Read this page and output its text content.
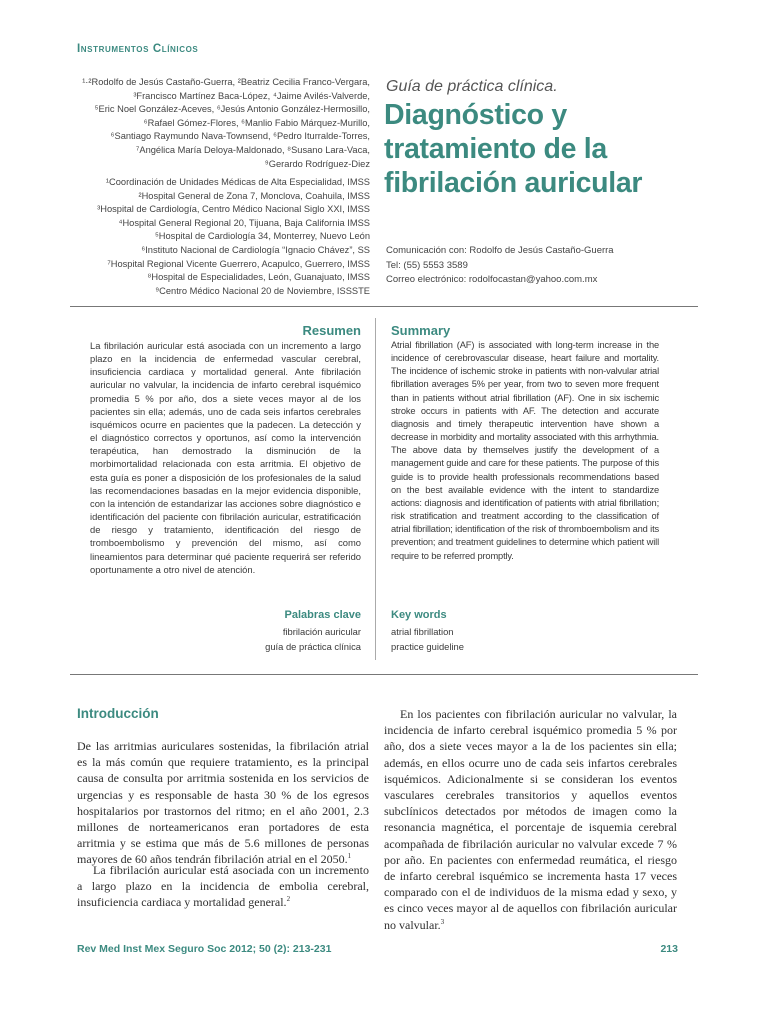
Instrumentos Clínicos
¹·²Rodolfo de Jesús Castaño-Guerra, ²Beatriz Cecilia Franco-Vergara,
³Francisco Martínez Baca-López, ⁴Jaime Avilés-Valverde,
⁵Eric Noel González-Aceves, ⁶Jesús Antonio González-Hermosillo,
⁶Rafael Gómez-Flores, ⁶Manlio Fabio Márquez-Murillo,
⁶Santiago Raymundo Nava-Townsend, ⁶Pedro Iturralde-Torres,
⁷Angélica María Deloya-Maldonado, ⁸Susano Lara-Vaca,
⁹Gerardo Rodríguez-Diez
¹Coordinación de Unidades Médicas de Alta Especialidad, IMSS
²Hospital General de Zona 7, Monclova, Coahuila, IMSS
³Hospital de Cardiología, Centro Médico Nacional Siglo XXI, IMSS
⁴Hospital General Regional 20, Tijuana, Baja California IMSS
⁵Hospital de Cardiología 34, Monterrey, Nuevo León
⁶Instituto Nacional de Cardiología “Ignacio Chávez”, SS
⁷Hospital Regional Vicente Guerrero, Acapulco, Guerrero, IMSS
⁸Hospital de Especialidades, León, Guanajuato, IMSS
⁹Centro Médico Nacional 20 de Noviembre, ISSSTE
Guía de práctica clínica.
Diagnóstico y
tratamiento de la
fibrilación auricular
Comunicación con: Rodolfo de Jesús Castaño-Guerra
Tel: (55) 5553 3589
Correo electrónico: rodolfocastan@yahoo.com.mx
Resumen
La fibrilación auricular está asociada con un incremento a largo plazo en la incidencia de enfermedad vascular cerebral, insuficiencia cardiaca y mortalidad general. Ante fibrilación auricular no valvular, la incidencia de infarto cerebral isquémico promedia 5 % por año, dos a siete veces mayor al de los pacientes sin ella; además, uno de cada seis infartos cerebrales isquémicos ocurre en pacientes que la padecen. La detección y el diagnóstico correctos y oportunos, así como la intervención terapéutica, han demostrado la disminución de la morbimortalidad relacionada con esta arritmia. El objetivo de esta guía es poner a disposición de los profesionales de la salud las recomendaciones basadas en la mejor evidencia disponible, con la intención de estandarizar las acciones sobre diagnóstico e identificación del paciente con fibrilación auricular, estratificación de riesgo y tratamiento, identificación del riesgo de tromboembolismo y prevención del mismo, así como lineamientos para determinar qué paciente requerirá ser referido oportunamente a otro nivel de atención.
Summary
Atrial fibrillation (AF) is associated with long-term increase in the incidence of cerebrovascular disease, heart failure and mortality. The incidence of ischemic stroke in patients with non-valvular atrial fibrillation averages 5% per year, from two to seven more frequent than in patients without atrial fibrillation (AF). One in six ischemic stroke occurs in patients with AF. The detection and accurate diagnosis and timely therapeutic intervention have shown a decrease in morbidity and mortality associated with this arrhythmia. The above data by themselves justify the development of a management guide and care for these patients. The purpose of this guide is to provide health professionals recommendations based on the best available evidence with the intent to standardize actions: diagnosis and identification of patients with atrial fibrillation; risk stratification and treatment according to the classification of atrial fibrillation; identification of the risk of thromboembolism and its prevention; and treatment guidelines to determine which patient will require to be referred promptly.
Palabras clave
fibrilación auricular
guía de práctica clínica
Key words
atrial fibrillation
practice guideline
Introducción
De las arritmias auriculares sostenidas, la fibrilación atrial es la más común que requiere tratamiento, es la principal causa de consulta por arritmia sostenida en los servicios de urgencias y es responsable de hasta 30 % de los egresos hospitalarios por trastornos del ritmo; en el año 2001, 2.3 millones de norteamericanos eran portadores de esta arritmia y se estima que más de 5.6 millones de personas mayores de 60 años tendrán fibrilación atrial en el 2050.$^1$
La fibrilación auricular está asociada con un incremento a largo plazo en la incidencia de embolia cerebral, insuficiencia cardiaca y mortalidad general.$^2$
En los pacientes con fibrilación auricular no valvular, la incidencia de infarto cerebral isquémico promedia 5 % por año, dos a siete veces mayor a la de los pacientes sin ella; además, en ellos ocurre uno de cada seis infartos cerebrales isquémicos. Adicionalmente si se consideran los eventos vasculares cerebrales transitorios y aquellos eventos subclínicos detectados por métodos de imagen como la resonancia magnética, el porcentaje de isquemia cerebral acompañada de fibrilación auricular no valvular excede 7 % por año. En pacientes con enfermedad reumática, el riesgo de infarto cerebral isquémico se incrementa hasta 17 veces comparado con el de individuos de la misma edad y sexo, y es cinco veces mayor al de aquellos con fibrilación auricular no valvular.$^3$
Rev Med Inst Mex Seguro Soc 2012; 50 (2): 213-231	213
